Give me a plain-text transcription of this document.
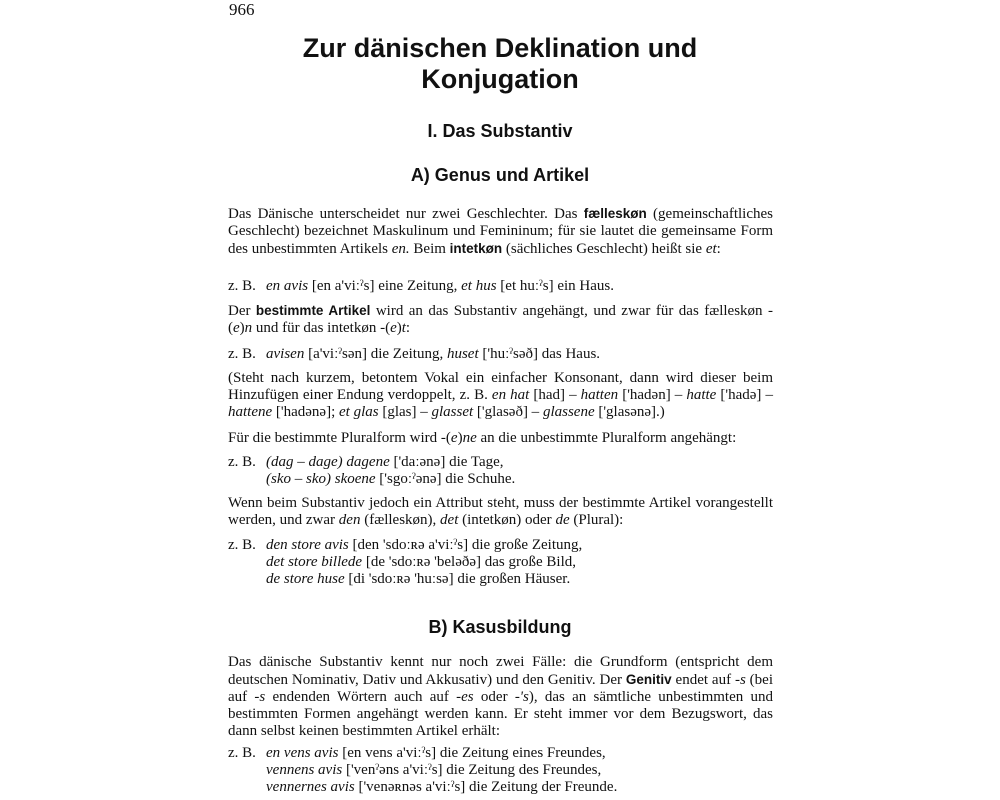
966
Zur dänischen Deklination und
Konjugation
I. Das Substantiv
A) Genus und Artikel
Das Dänische unterscheidet nur zwei Geschlechter. Das fælleskøn (gemeinschaftliches Geschlecht) bezeichnet Maskulinum und Femininum; für sie lautet die gemeinsame Form des unbestimmten Artikels en. Beim intetkøn (sächliches Geschlecht) heißt sie et:
z. B. en avis [en a'viːˀs] eine Zeitung, et hus [et huːˀs] ein Haus.
Der bestimmte Artikel wird an das Substantiv angehängt, und zwar für das fælleskøn -(e)n und für das intetkøn -(e)t:
z. B. avisen [a'viːˀsən] die Zeitung, huset ['huːˀsəð] das Haus.
(Steht nach kurzem, betontem Vokal ein einfacher Konsonant, dann wird dieser beim Hinzufügen einer Endung verdoppelt, z. B. en hat [had] – hatten ['hadən] – hatte ['hadə] – hattene ['hadənə]; et glas [glas] – glasset ['glasəð] – glassene ['glasənə].)
Für die bestimmte Pluralform wird -(e)ne an die unbestimmte Pluralform angehängt:
z. B. (dag – dage) dagene ['daːənə] die Tage,
(sko – sko) skoene ['sgoːˀənə] die Schuhe.
Wenn beim Substantiv jedoch ein Attribut steht, muss der bestimmte Artikel vorangestellt werden, und zwar den (fælleskøn), det (intetkøn) oder de (Plural):
z. B. den store avis [den 'sdoːʀə a'viːˀs] die große Zeitung,
det store billede [de 'sdoːʀə 'beləðə] das große Bild,
de store huse [di 'sdoːʀə 'huːsə] die großen Häuser.
B) Kasusbildung
Das dänische Substantiv kennt nur noch zwei Fälle: die Grundform (entspricht dem deutschen Nominativ, Dativ und Akkusativ) und den Genitiv. Der Genitiv endet auf -s (bei auf -s endenden Wörtern auch auf -es oder -'s), das an sämtliche unbestimmten und bestimmten Formen angehängt werden kann. Er steht immer vor dem Bezugswort, das dann selbst keinen bestimmten Artikel erhält:
z. B. en vens avis [en vens a'viːˀs] die Zeitung eines Freundes,
vennens avis ['venˀəns a'viːˀs] die Zeitung des Freundes,
vennernes avis ['venəʀnəs a'viːˀs] die Zeitung der Freunde.
